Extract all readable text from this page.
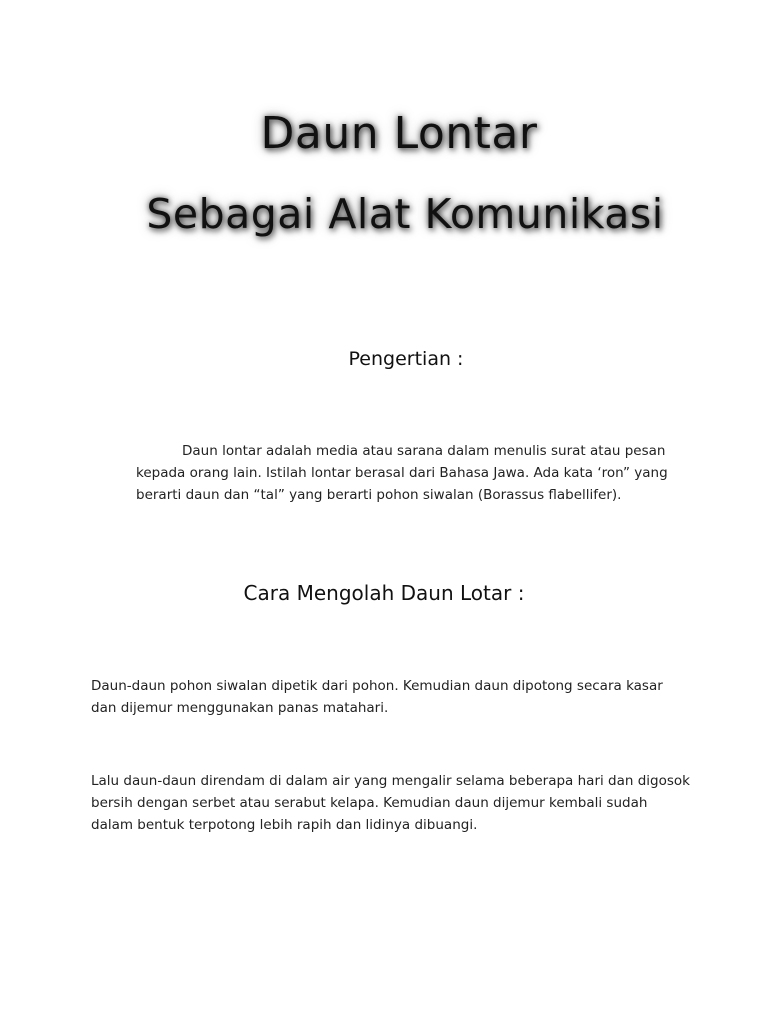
Daun Lontar
Sebagai Alat Komunikasi
Pengertian :

Daun lontar adalah media atau sarana dalam menulis surat atau pesan kepada orang lain. Istilah lontar berasal dari Bahasa Jawa. Ada kata ‘ron” yang berarti daun dan “tal” yang berarti pohon siwalan (Borassus flabellifer).

Cara Mengolah Daun Lotar :

Daun-daun pohon siwalan dipetik dari pohon. Kemudian daun dipotong secara kasar dan dijemur menggunakan panas matahari.

Lalu daun-daun direndam di dalam air yang mengalir selama beberapa hari dan digosok bersih dengan serbet atau serabut kelapa. Kemudian daun dijemur kembali sudah dalam bentuk terpotong lebih rapih dan lidinya dibuangi.
